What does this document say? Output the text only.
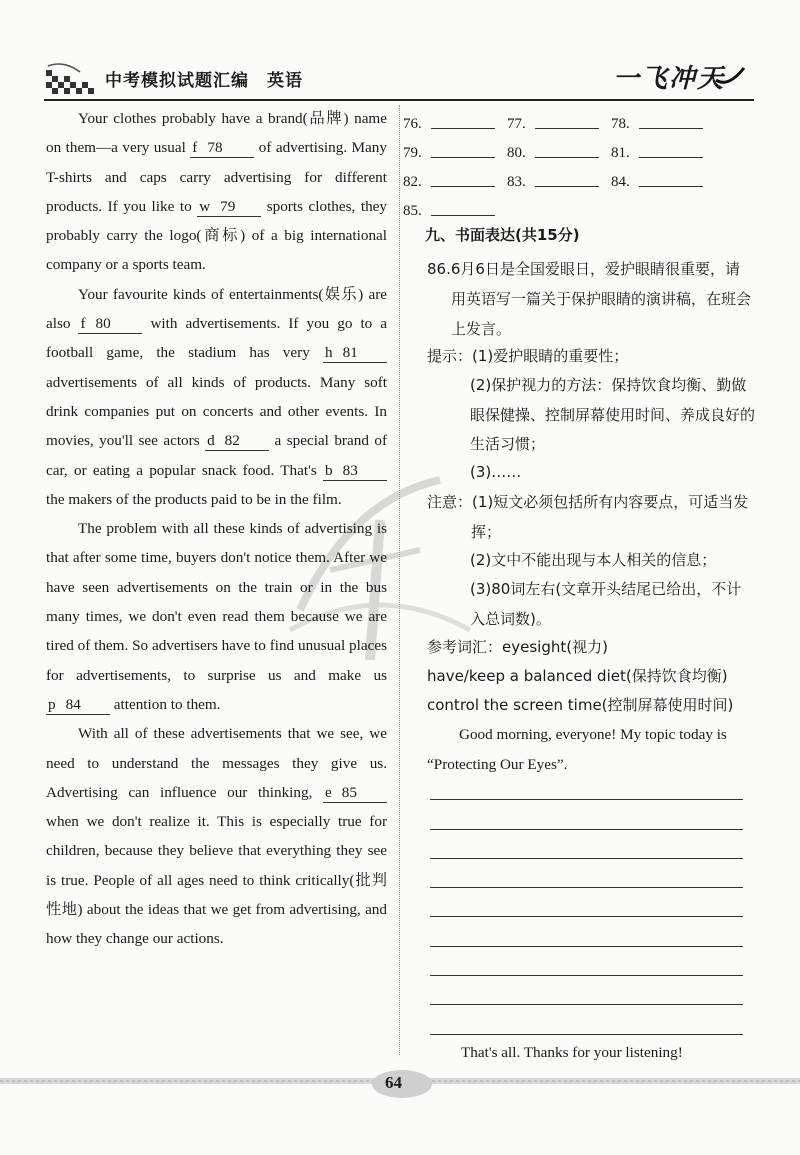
中考模拟试题汇编 英语	一飞冲天

Your clothes probably have a brand(品牌) name on them—a very usual f 78 of advertising. Many T-shirts and caps carry advertising for different products. If you like to w 79 sports clothes, they probably carry the logo(商标) of a big international company or a sports team.

Your favourite kinds of entertainments(娱乐) are also f 80 with advertisements. If you go to a football game, the stadium has very h 81 advertisements of all kinds of products. Many soft drink companies put on concerts and other events. In movies, you'll see actors d 82 a special brand of car, or eating a popular snack food. That's b 83 the makers of the products paid to be in the film.

The problem with all these kinds of advertising is that after some time, buyers don't notice them. After we have seen advertisements on the train or in the bus many times, we don't even read them because we are tired of them. So advertisers have to find unusual places for advertisements, to surprise us and make us p 84 attention to them.

With all of these advertisements that we see, we need to understand the messages they give us. Advertising can influence our thinking, e 85 when we don't realize it. This is especially true for children, because they believe that everything they see is true. People of all ages need to think critically(批判性地) about the ideas that we get from advertising, and how they change our actions.

76.	77.	78.
79.	80.	81.
82.	83.	84.
85.
九、书面表达(共15分)
86.6月6日是全国爱眼日，爱护眼睛很重要，请用英语写一篇关于保护眼睛的演讲稿，在班会上发言。
提示：(1)爱护眼睛的重要性；
(2)保护视力的方法：保持饮食均衡、勤做眼保健操、控制屏幕使用时间、养成良好的生活习惯；
(3)……
注意：(1)短文必须包括所有内容要点，可适当发挥；
(2)文中不能出现与本人相关的信息；
(3)80词左右(文章开头结尾已给出，不计入总词数)。
参考词汇：eyesight(视力)
have/keep a balanced diet(保持饮食均衡)
control the screen time(控制屏幕使用时间)
Good morning, everyone! My topic today is “Protecting Our Eyes”.
That's all. Thanks for your listening!
64
